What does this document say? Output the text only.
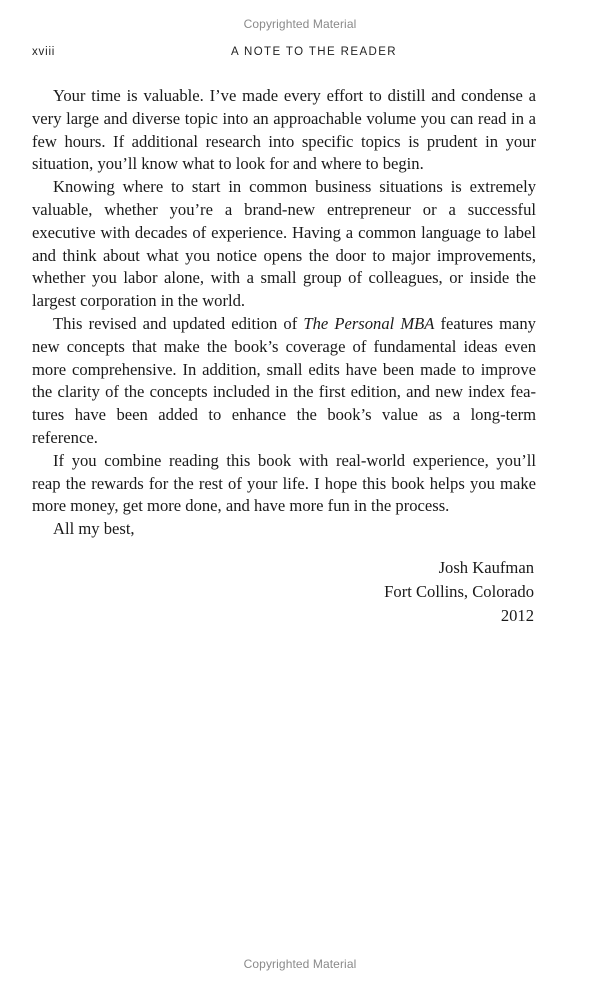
Copyrighted Material
xviii	A NOTE TO THE READER

Your time is valuable. I’ve made every effort to distill and condense a very large and diverse topic into an approachable volume you can read in a few hours. If additional research into specific topics is prudent in your situation, you’ll know what to look for and where to begin.

Knowing where to start in common business situations is extremely valuable, whether you’re a brand-new entrepreneur or a successful executive with decades of experience. Having a common language to label and think about what you notice opens the door to major improvements, whether you labor alone, with a small group of colleagues, or inside the largest corporation in the world.

This revised and updated edition of The Personal MBA features many new concepts that make the book’s coverage of fundamental ideas even more comprehensive. In addition, small edits have been made to improve the clarity of the concepts included in the first edition, and new index features have been added to enhance the book’s value as a long-term reference.

If you combine reading this book with real-world experience, you’ll reap the rewards for the rest of your life. I hope this book helps you make more money, get more done, and have more fun in the process.

All my best,

Josh Kaufman
Fort Collins, Colorado
2012
Copyrighted Material
